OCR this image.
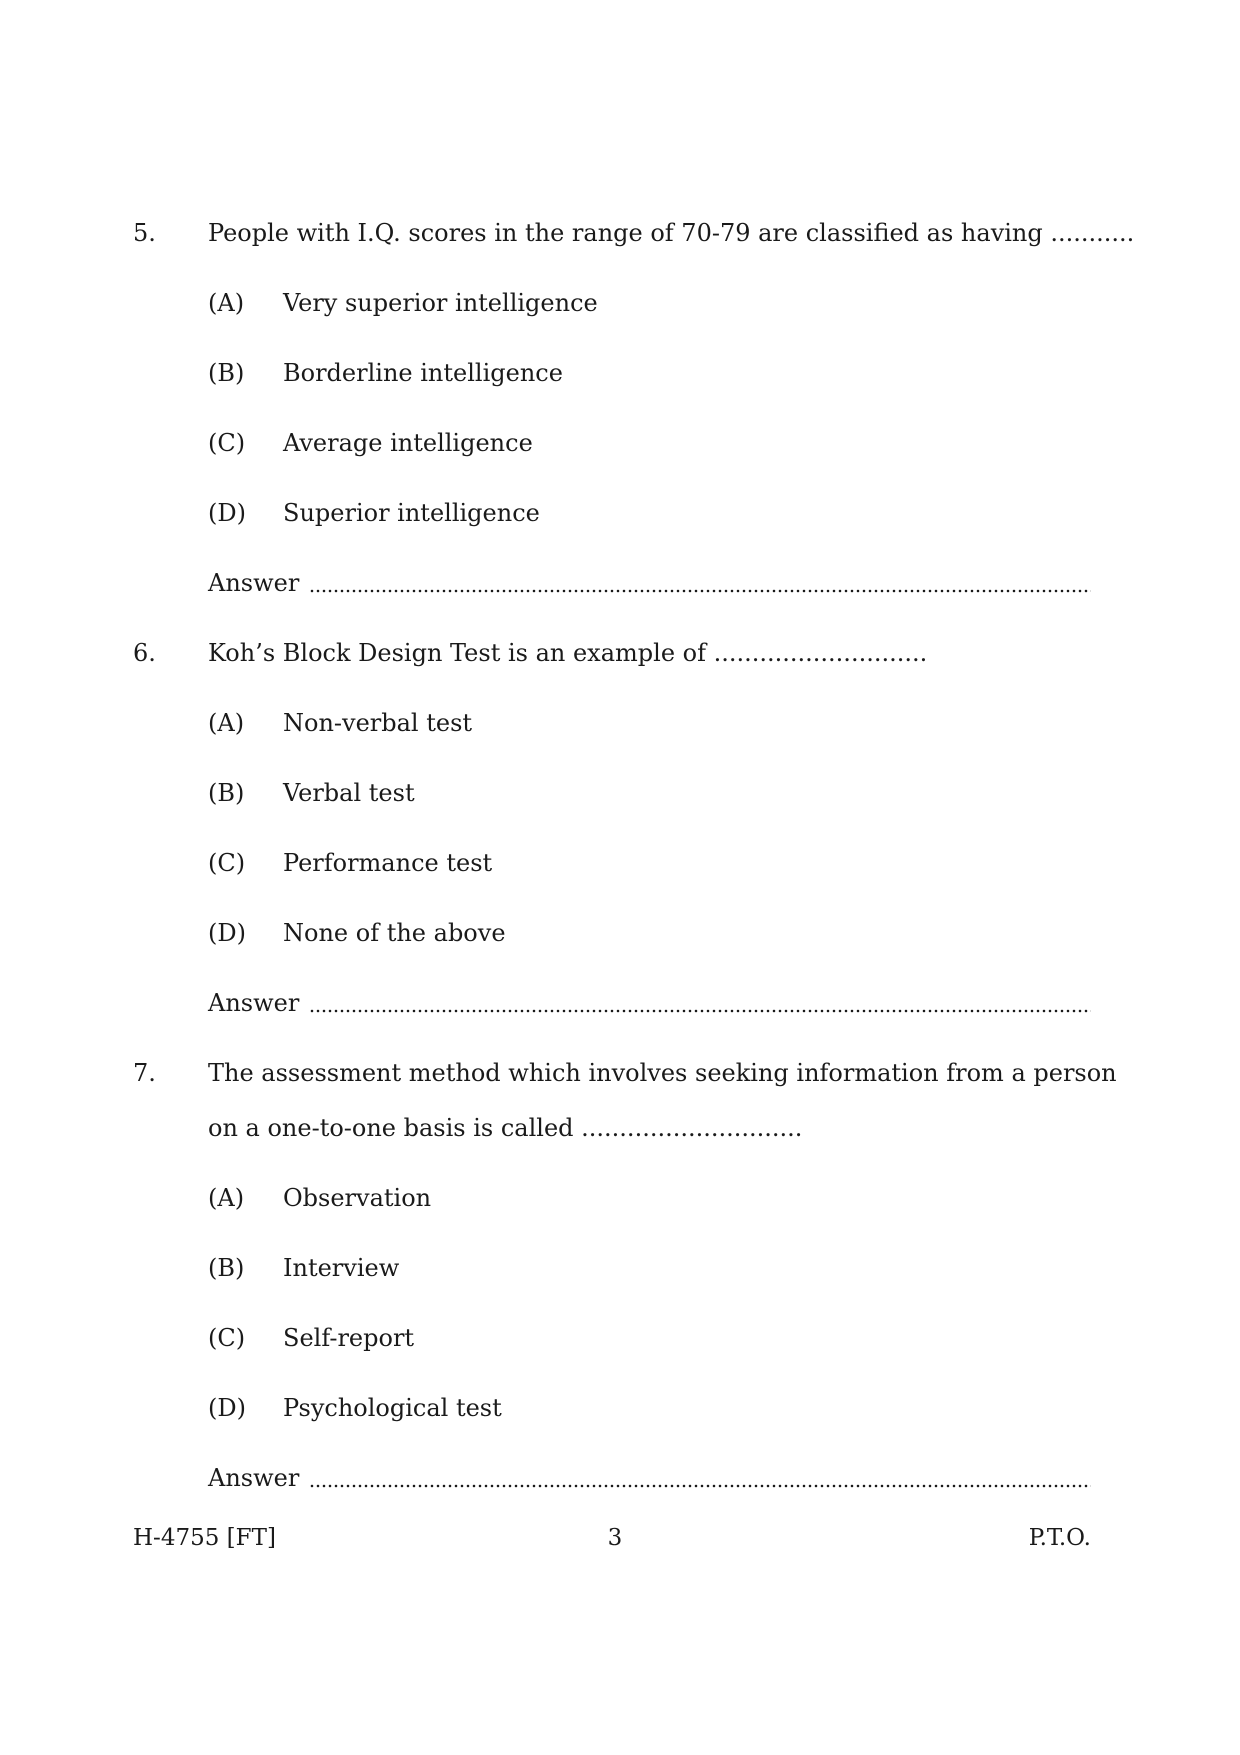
5. People with I.Q. scores in the range of 70-79 are classified as having ...........
(A) Very superior intelligence
(B) Borderline intelligence
(C) Average intelligence
(D) Superior intelligence
Answer
6. Koh’s Block Design Test is an example of ............................
(A) Non-verbal test
(B) Verbal test
(C) Performance test
(D) None of the above
Answer
7. The assessment method which involves seeking information from a person
on a one-to-one basis is called .............................
(A) Observation
(B) Interview
(C) Self-report
(D) Psychological test
Answer
H-4755 [FT]	3	P.T.O.
